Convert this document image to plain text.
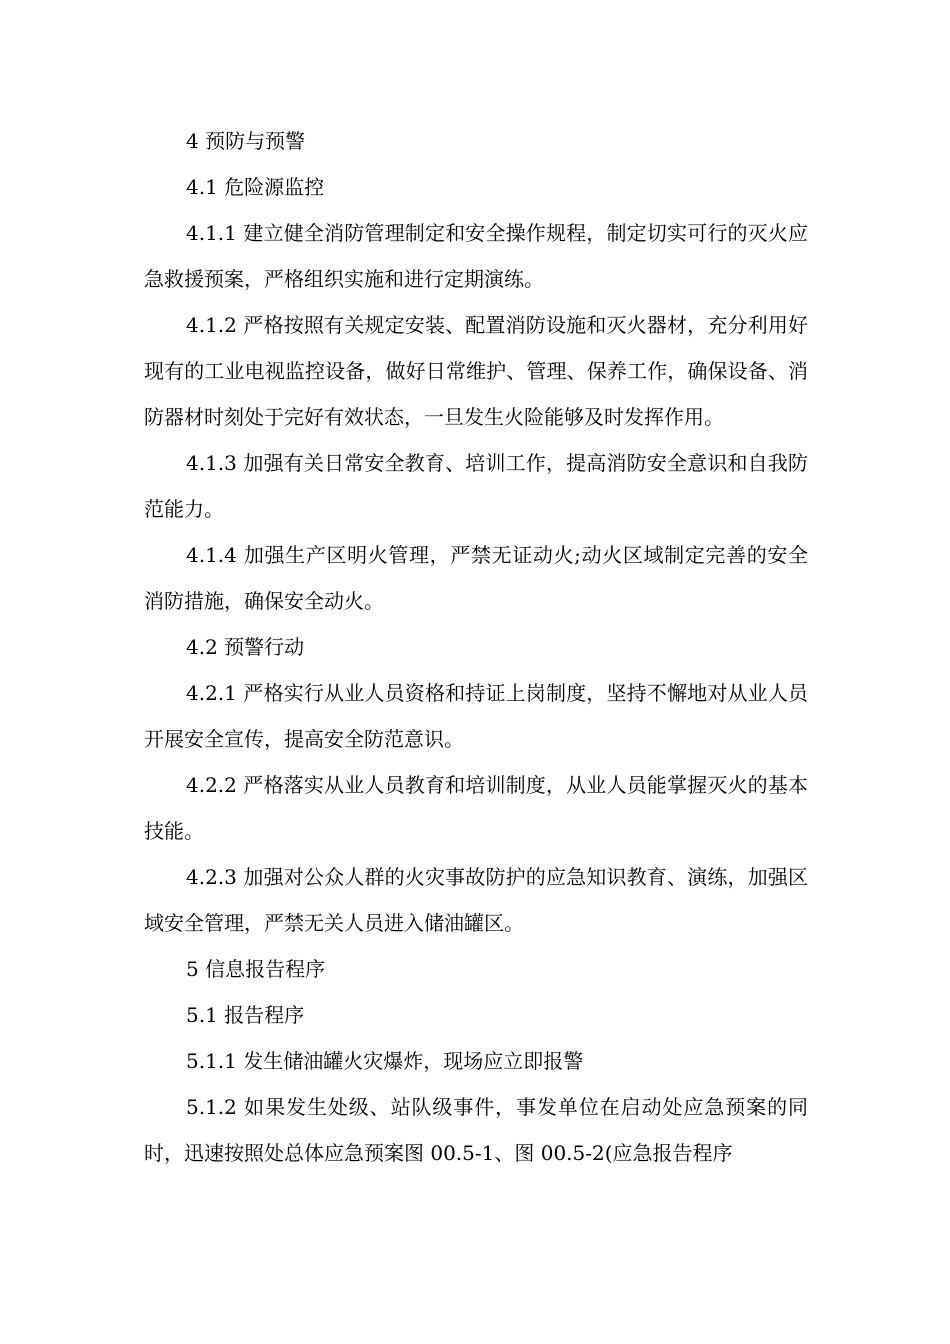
4 预防与预警

4.1 危险源监控

4.1.1 建立健全消防管理制定和安全操作规程，制定切实可行的灭火应急救援预案，严格组织实施和进行定期演练。

4.1.2 严格按照有关规定安装、配置消防设施和灭火器材，充分利用好现有的工业电视监控设备，做好日常维护、管理、保养工作，确保设备、消防器材时刻处于完好有效状态，一旦发生火险能够及时发挥作用。

4.1.3 加强有关日常安全教育、培训工作，提高消防安全意识和自我防范能力。

4.1.4 加强生产区明火管理，严禁无证动火;动火区域制定完善的安全消防措施，确保安全动火。

4.2 预警行动

4.2.1 严格实行从业人员资格和持证上岗制度，坚持不懈地对从业人员开展安全宣传，提高安全防范意识。

4.2.2 严格落实从业人员教育和培训制度，从业人员能掌握灭火的基本技能。

4.2.3 加强对公众人群的火灾事故防护的应急知识教育、演练，加强区域安全管理，严禁无关人员进入储油罐区。

5 信息报告程序

5.1 报告程序

5.1.1 发生储油罐火灾爆炸，现场应立即报警

5.1.2 如果发生处级、站队级事件，事发单位在启动处应急预案的同时，迅速按照处总体应急预案图 00.5-1、图 00.5-2(应急报告程序
